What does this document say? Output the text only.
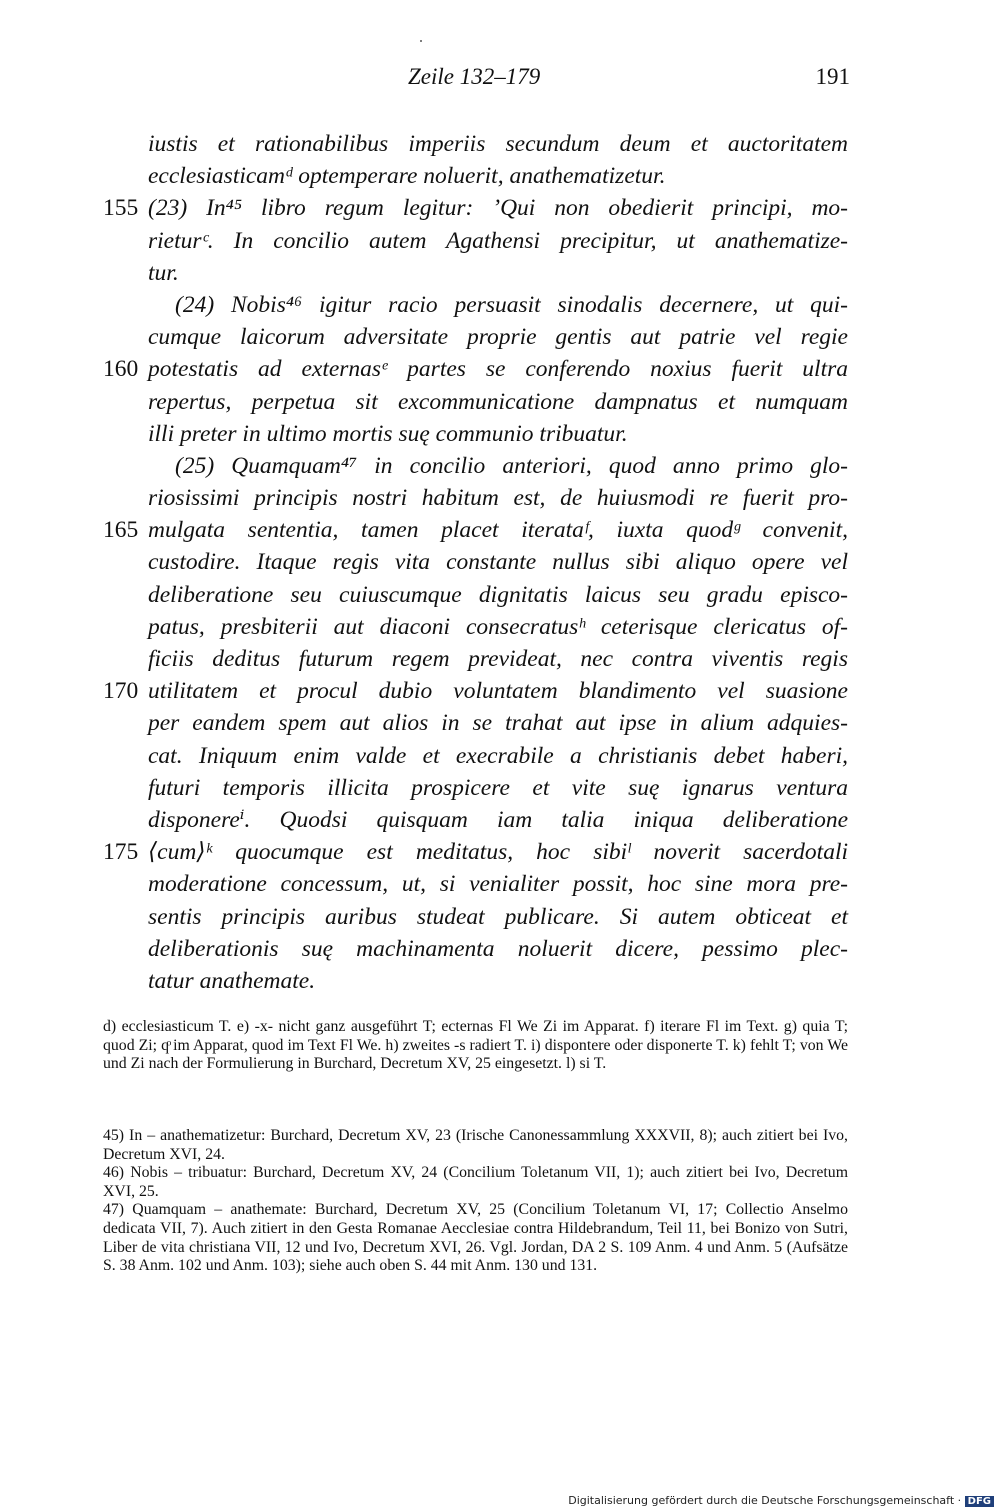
Zeile 132–179	191
iustis et rationabilibus imperiis secundum deum et auctoritatem
ecclesiasticamᵈ optemperare noluerit, anathematizetur.
155 (23) In⁴⁵ libro regum legitur: ’Qui non obedierit principi, mo-
rieturᶜ. In concilio autem Agathensi precipitur, ut anathematize-
tur.
(24) Nobis⁴⁶ igitur racio persuasit sinodalis decernere, ut qui-
cumque laicorum adversitate proprie gentis aut patrie vel regie
160 potestatis ad externasᵉ partes se conferendo noxius fuerit ultra
repertus, perpetua sit excommunicatione dampnatus et numquam
illi preter in ultimo mortis suę communio tribuatur.
(25) Quamquam⁴⁷ in concilio anteriori, quod anno primo glo-
riosissimi principis nostri habitum est, de huiusmodi re fuerit pro-
165 mulgata sententia, tamen placet iterataᶠ, iuxta quodᵍ convenit,
custodire. Itaque regis vita constante nullus sibi aliquo opere vel
deliberatione seu cuiuscumque dignitatis laicus seu gradu episco-
patus, presbiterii aut diaconi consecratusʰ ceterisque clericatus of-
ficiis deditus futurum regem prevideat, nec contra viventis regis
170 utilitatem et procul dubio voluntatem blandimento vel suasione
per eandem spem aut alios in se trahat aut ipse in alium adquies-
cat. Iniquum enim valde et execrabile a christianis debet haberi,
futuri temporis illicita prospicere et vite suę ignarus ventura
disponereⁱ. Quodsi quisquam iam talia iniqua deliberatione
175 ⟨cum⟩ᵏ quocumque est meditatus, hoc sibiˡ noverit sacerdotali
moderatione concessum, ut, si venialiter possit, hoc sine mora pre-
sentis principis auribus studeat publicare. Si autem obticeat et
deliberationis suę machinamenta noluerit dicere, pessimo plec-
tatur anathemate.

d) ecclesiasticum T. e) -x- nicht ganz ausgeführt T; ecternas Fl We Zi im Apparat. f) iterare Fl im Text. g) quia T; quod Zi; qͦ im Apparat, quod im Text Fl We. h) zweites -s radiert T. i) dispontere oder disponerte T. k) fehlt T; von We und Zi nach der Formulierung in Burchard, Decretum XV, 25 eingesetzt. l) si T.

45) In – anathematizetur: Burchard, Decretum XV, 23 (Irische Canonessammlung XXXVII, 8); auch zitiert bei Ivo, Decretum XVI, 24.

46) Nobis – tribuatur: Burchard, Decretum XV, 24 (Concilium Toletanum VII, 1); auch zitiert bei Ivo, Decretum XVI, 25.

47) Quamquam – anathemate: Burchard, Decretum XV, 25 (Concilium Toletanum VI, 17; Collectio Anselmo dedicata VII, 7). Auch zitiert in den Gesta Romanae Aecclesiae contra Hildebrandum, Teil 11, bei Bonizo von Sutri, Liber de vita christiana VII, 12 und Ivo, Decretum XVI, 26. Vgl. Jordan, DA 2 S. 109 Anm. 4 und Anm. 5 (Aufsätze S. 38 Anm. 102 und Anm. 103); siehe auch oben S. 44 mit Anm. 130 und 131.

Digitalisierung gefördert durch die Deutsche Forschungsgemeinschaft · DFG
